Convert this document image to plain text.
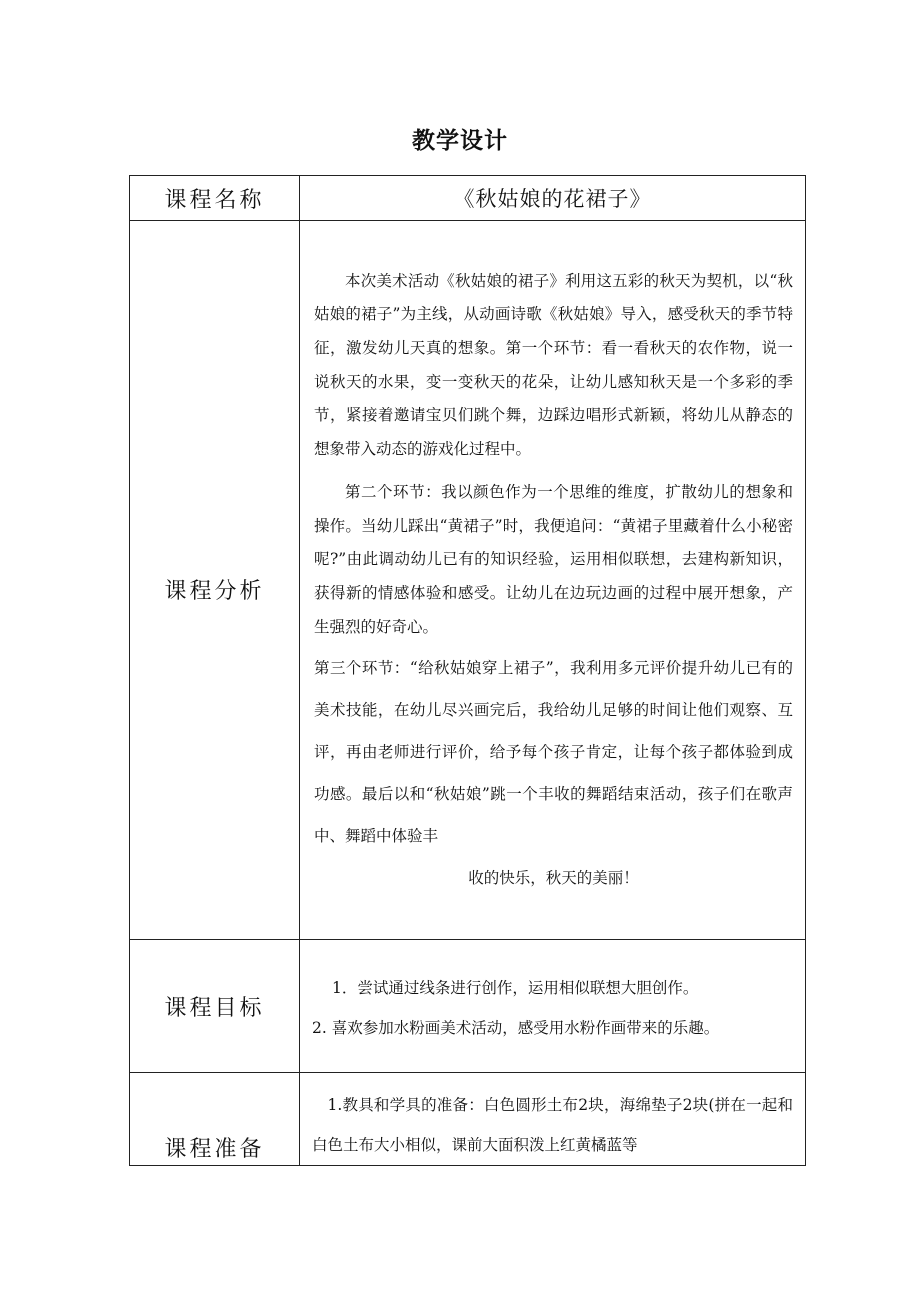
教学设计
课程名称	《秋姑娘的花裙子》
课程分析	本次美术活动《秋姑娘的裙子》利用这五彩的秋天为契机，以“秋姑娘的裙子”为主线，从动画诗歌《秋姑娘》导入，感受秋天的季节特征，激发幼儿天真的想象。第一个环节：看一看秋天的农作物，说一说秋天的水果，变一变秋天的花朵，让幼儿感知秋天是一个多彩的季节，紧接着邀请宝贝们跳个舞，边踩边唱形式新颖，将幼儿从静态的想象带入动态的游戏化过程中。

第二个环节：我以颜色作为一个思维的维度，扩散幼儿的想象和操作。当幼儿踩出“黄裙子”时，我便追问：“黄裙子里藏着什么小秘密呢?”由此调动幼儿已有的知识经验，运用相似联想，去建构新知识，获得新的情感体验和感受。让幼儿在边玩边画的过程中展开想象，产生强烈的好奇心。

第三个环节：“给秋姑娘穿上裙子”，我利用多元评价提升幼儿已有的美术技能，在幼儿尽兴画完后，我给幼儿足够的时间让他们观察、互评，再由老师进行评价，给予每个孩子肯定，让每个孩子都体验到成功感。最后以和“秋姑娘”跳一个丰收的舞蹈结束活动，孩子们在歌声中、舞蹈中体验丰

收的快乐，秋天的美丽！

课程目标	1．尝试通过线条进行创作，运用相似联想大胆创作。

2. 喜欢参加水粉画美术活动，感受用水粉作画带来的乐趣。

课程准备	1.教具和学具的准备：白色圆形土布2块，海绵垫子2块(拼在一起和白色土布大小相似，课前大面积泼上红黄橘蓝等
